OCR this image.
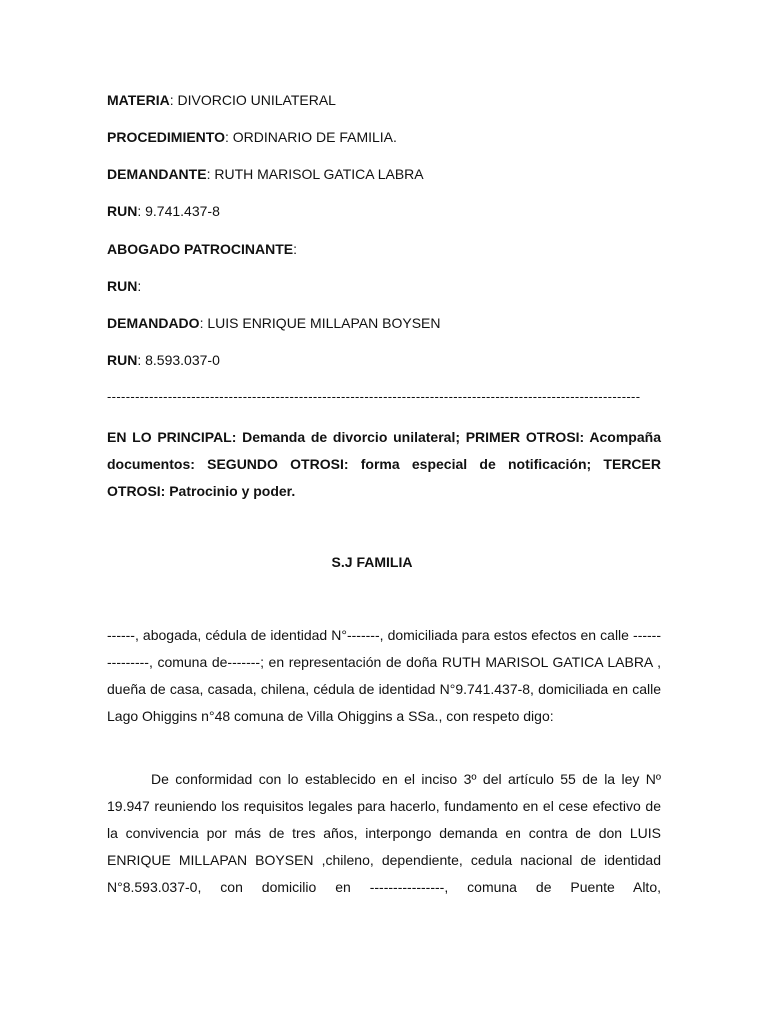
MATERIA: DIVORCIO UNILATERAL
PROCEDIMIENTO: ORDINARIO DE FAMILIA.
DEMANDANTE: RUTH MARISOL GATICA LABRA
RUN: 9.741.437-8
ABOGADO PATROCINANTE:
RUN:
DEMANDADO: LUIS ENRIQUE MILLAPAN BOYSEN
RUN: 8.593.037-0
------------------------------------------------------------------------------------------------------------------
EN LO PRINCIPAL: Demanda de divorcio unilateral; PRIMER OTROSI: Acompaña documentos: SEGUNDO OTROSI: forma especial de notificación; TERCER OTROSI: Patrocinio y poder.
S.J FAMILIA
------, abogada, cédula de identidad N°-------, domiciliada para estos efectos en calle ---------------, comuna de-------; en representación de doña RUTH MARISOL GATICA LABRA , dueña de casa, casada, chilena, cédula de identidad N°9.741.437-8, domiciliada en calle Lago Ohiggins n°48 comuna de Villa Ohiggins a SSa., con respeto digo:
De conformidad con lo establecido en el inciso 3º del artículo 55 de la ley Nº 19.947 reuniendo los requisitos legales para hacerlo, fundamento en el cese efectivo de la convivencia por más de tres años, interpongo demanda en contra de don LUIS ENRIQUE MILLAPAN BOYSEN ,chileno, dependiente, cedula nacional de identidad N°8.593.037-0, con domicilio en ----------------, comuna de Puente Alto,
